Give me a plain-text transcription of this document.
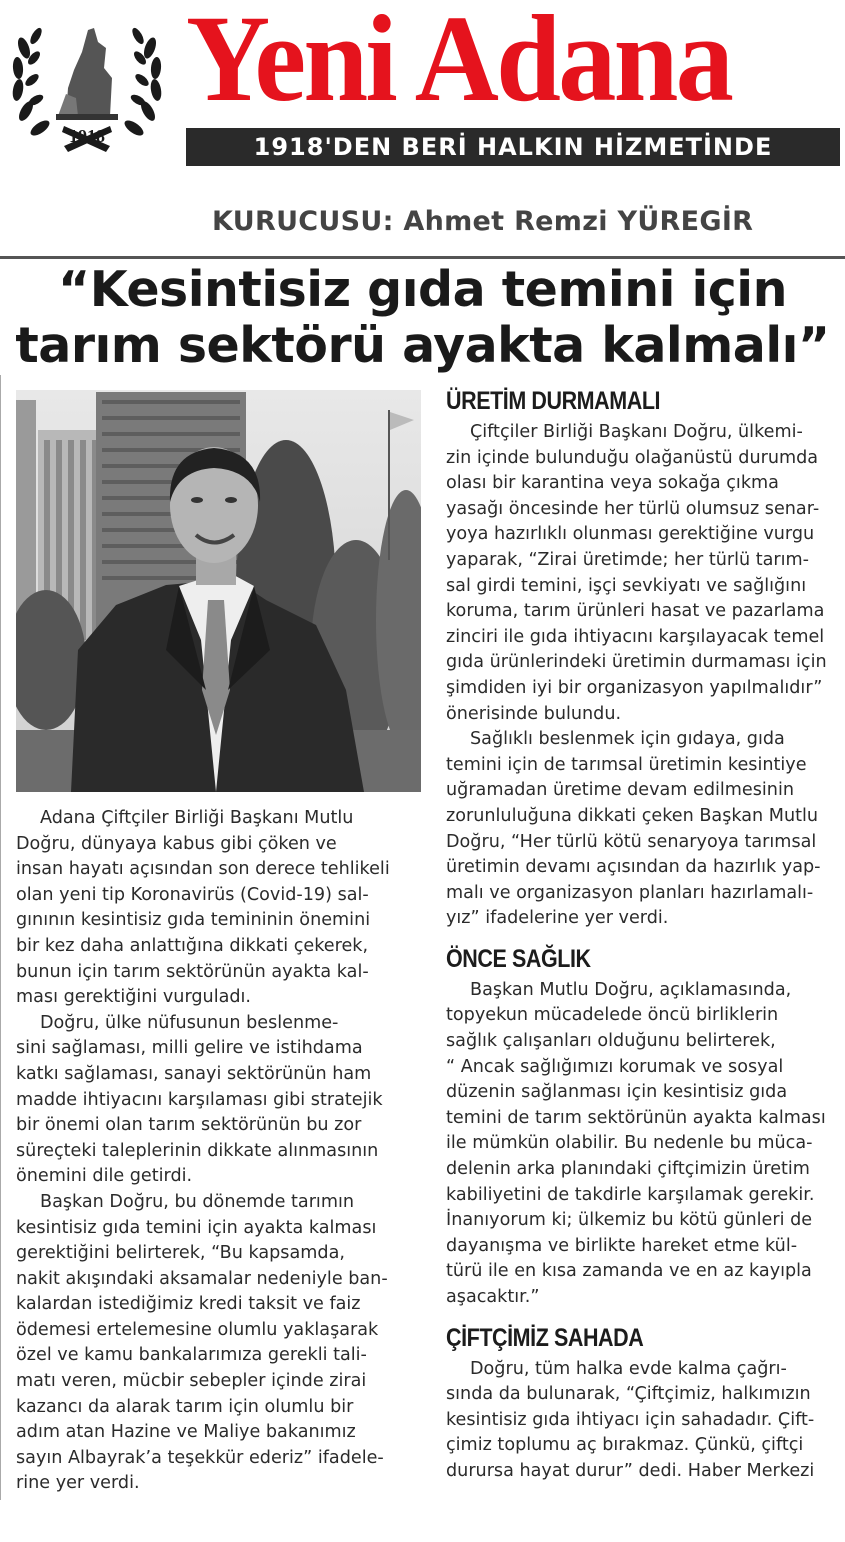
1918
Yeni Adana
1918'DEN BERİ HALKIN HİZMETİNDE
KURUCUSU: Ahmet Remzi YÜREGİR
“Kesintisiz gıda temini için
tarım sektörü ayakta kalmalı”

Adana Çiftçiler Birliği Başkanı Mutlu
Doğru, dünyaya kabus gibi çöken ve
insan hayatı açısından son derece tehlikeli
olan yeni tip Koronavirüs (Covid-19) sal-
gınının kesintisiz gıda temininin önemini
bir kez daha anlattığına dikkati çekerek,
bunun için tarım sektörünün ayakta kal-
ması gerektiğini vurguladı.

Doğru, ülke nüfusunun beslenme-
sini sağlaması, milli gelire ve istihdama
katkı sağlaması, sanayi sektörünün ham
madde ihtiyacını karşılaması gibi stratejik
bir önemi olan tarım sektörünün bu zor
süreçteki taleplerinin dikkate alınmasının
önemini dile getirdi.

Başkan Doğru, bu dönemde tarımın
kesintisiz gıda temini için ayakta kalması
gerektiğini belirterek, “Bu kapsamda,
nakit akışındaki aksamalar nedeniyle ban-
kalardan istediğimiz kredi taksit ve faiz
ödemesi ertelemesine olumlu yaklaşarak
özel ve kamu bankalarımıza gerekli tali-
matı veren, mücbir sebepler içinde zirai
kazancı da alarak tarım için olumlu bir
adım atan Hazine ve Maliye bakanımız
sayın Albayrak’a teşekkür ederiz” ifadele-
rine yer verdi.

ÜRETİM DURMAMALI

Çiftçiler Birliği Başkanı Doğru, ülkemi-
zin içinde bulunduğu olağanüstü durumda
olası bir karantina veya sokağa çıkma
yasağı öncesinde her türlü olumsuz senar-
yoya hazırlıklı olunması gerektiğine vurgu
yaparak, “Zirai üretimde; her türlü tarım-
sal girdi temini, işçi sevkiyatı ve sağlığını
koruma, tarım ürünleri hasat ve pazarlama
zinciri ile gıda ihtiyacını karşılayacak temel
gıda ürünlerindeki üretimin durmaması için
şimdiden iyi bir organizasyon yapılmalıdır”
önerisinde bulundu.

Sağlıklı beslenmek için gıdaya, gıda
temini için de tarımsal üretimin kesintiye
uğramadan üretime devam edilmesinin
zorunluluğuna dikkati çeken Başkan Mutlu
Doğru, “Her türlü kötü senaryoya tarımsal
üretimin devamı açısından da hazırlık yap-
malı ve organizasyon planları hazırlamalı-
yız” ifadelerine yer verdi.

ÖNCE SAĞLIK

Başkan Mutlu Doğru, açıklamasında,
topyekun mücadelede öncü birliklerin
sağlık çalışanları olduğunu belirterek,
“ Ancak sağlığımızı korumak ve sosyal
düzenin sağlanması için kesintisiz gıda
temini de tarım sektörünün ayakta kalması
ile mümkün olabilir. Bu nedenle bu müca-
delenin arka planındaki çiftçimizin üretim
kabiliyetini de takdirle karşılamak gerekir.
İnanıyorum ki; ülkemiz bu kötü günleri de
dayanışma ve birlikte hareket etme kül-
türü ile en kısa zamanda ve en az kayıpla
aşacaktır.”

ÇİFTÇİMİZ SAHADA

Doğru, tüm halka evde kalma çağrı-
sında da bulunarak, “Çiftçimiz, halkımızın
kesintisiz gıda ihtiyacı için sahadadır. Çift-
çimiz toplumu aç bırakmaz. Çünkü, çiftçi
durursa hayat durur” dedi. Haber Merkezi
